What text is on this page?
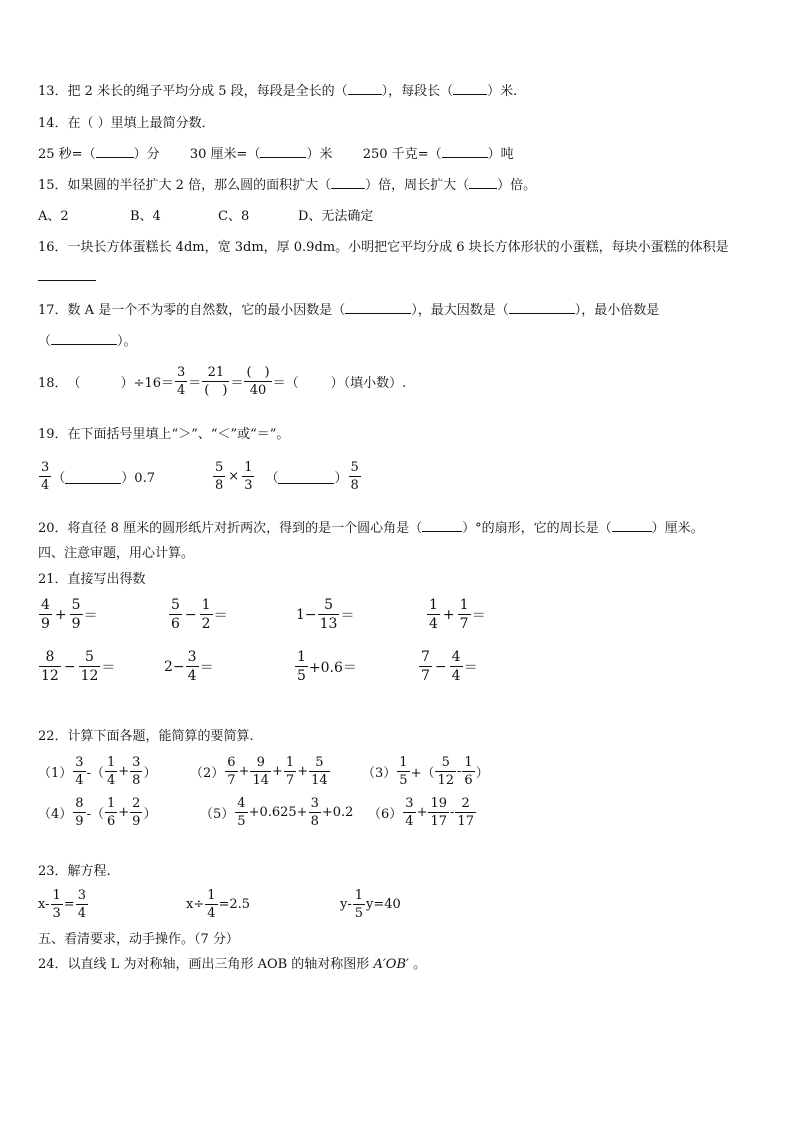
13．把 2 米长的绳子平均分成 5 段，每段是全长的（	），每段长（	）米.
14．在（ ）里填上最简分数．
25 秒=（	）分 30 厘米=（	）米 250 千克=（	）吨
15．如果圆的半径扩大 2 倍，那么圆的面积扩大（	）倍，周长扩大（ ）倍。
A、2	B、4	C、8	D、无法确定
16．一块长方体蛋糕长 4dm，宽 3dm，厚 0.9dm。小明把它平均分成 6 块长方体形状的小蛋糕，每块小蛋糕的体积是
17．数 A 是一个不为零的自然数，它的最小因数是（	），最大因数是（	），最小倍数是
（	）。
18． （	）$\div 16= \frac{3}{4} = \frac{21}{( )} = \frac{( )}{40}$ ＝ （ ）（填小数）.
19．在下面括号里填上“＞”、“＜”或“＝”。
$\frac{3}{4}$ （	）0.7	$\frac{5}{8} \times \frac{1}{3}$ （	） $\frac{5}{8}$
20．将直径 8 厘米的圆形纸片对折两次，得到的是一个圆心角是（	）°的扇形，它的周长是（	）厘米。
四、注意审题，用心计算。
21．直接写出得数
$\frac{4}{9} + \frac{5}{9}$ ＝	$\frac{5}{6} - \frac{1}{2}$ ＝	$1- \frac{5}{13}$ ＝	$\frac{1}{4} + \frac{1}{7}$ ＝
$\frac{8}{12} - \frac{5}{12}$ ＝	$2- \frac{3}{4}$ ＝	$\frac{1}{5} +0.6=$	$\frac{7}{7} - \frac{4}{4}$ ＝
22．计算下面各题，能简算的要简算.
$(1) \frac{3}{4}$ -（ $\frac{1}{4} + \frac{3}{8}$ ）	$(2) \frac{6}{7} + \frac{9}{14} + \frac{1}{7} + \frac{5}{14} (3) \frac{1}{5}$ +（ $\frac{5}{12} - \frac{1}{6}$ ）
$(4) \frac{8}{9}$ -（ $\frac{1}{6} + \frac{2}{9}$ ）	$(5) \frac{4}{5} +0.625+ \frac{3}{8} +0.2$ $(6) \frac{3}{4} + \frac{19}{17} - \frac{2}{17}$
23．解方程.
$x- \frac{1}{3} = \frac{3}{4}$	$x\div \frac{1}{4} =2.5$	$y- \frac{1}{5} y=40$
五、看清要求，动手操作。（7 分）
24．以直线 L 为对称轴，画出三角形 AOB 的轴对称图形 A′OB′ 。
